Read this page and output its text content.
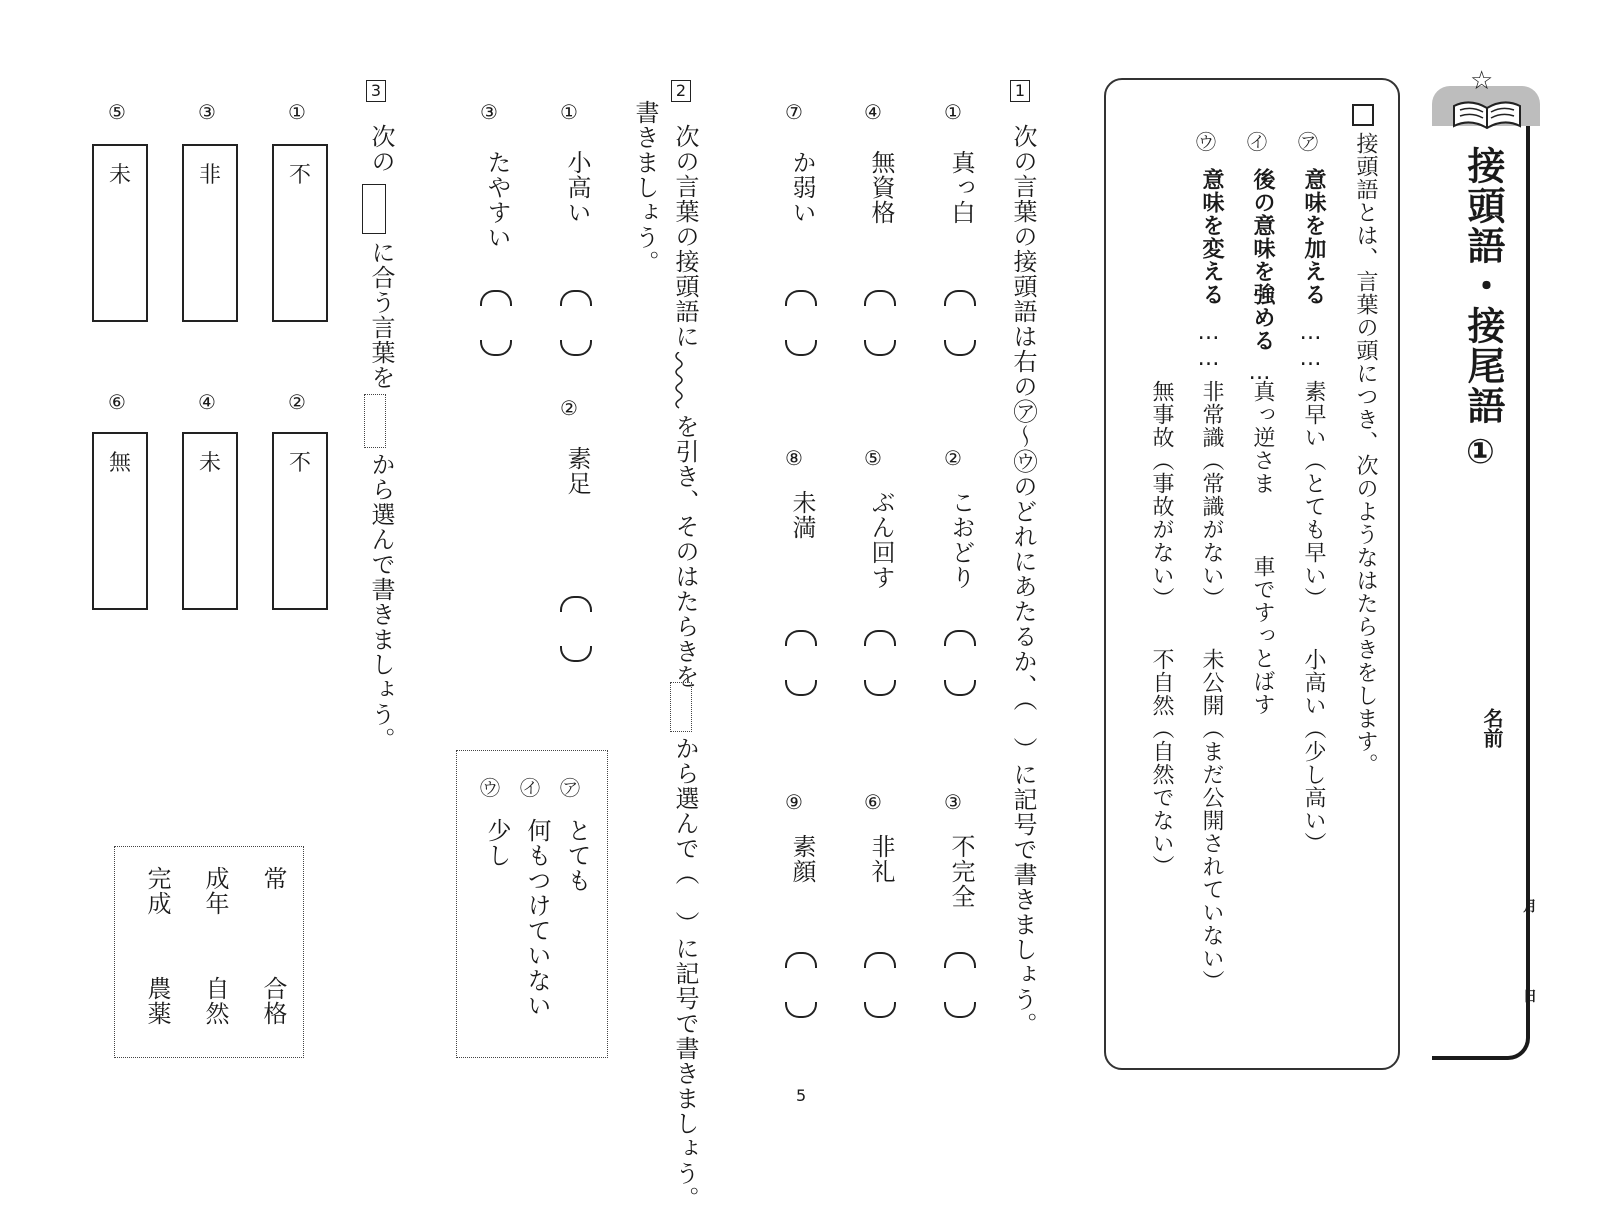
☆
接頭語・接尾語
①
名前
月
日
接頭語とは、言葉の頭につき、次のようなはたらきをします。
㋐
意味を加える
……
素早い（とても早い）
小高い（少し高い）
㋑
後の意味を強める
…
真っ逆さま
車ですっとばす
㋒
意味を変える
……
非常識（常識がない）
未公開（まだ公開されていない）
無事故（事故がない）
不自然（自然でない）
1
次の言葉の接頭語は右の㋐～㋒のどれにあたるか、（　）に記号で書きましょう。
①
真っ白
②
こおどり
③
不完全
④
無資格
⑤
ぶん回す
⑥
非礼
⑦
か弱い
⑧
未満
⑨
素顔
2
次の言葉の接頭語に
を引き、そのはたらきを
から選んで（　）に記号で書きましょう。
書きましょう。
①
小高い
②
素足
③
たやすい
㋐
とても
㋑
何もつけていない
㋒
少し
3
次の
に合う言葉を
から選んで書きましょう。
①
不
②
不
③
非
④
未
⑤
未
⑥
無
常
合格
成年
自然
完成
農薬
5
